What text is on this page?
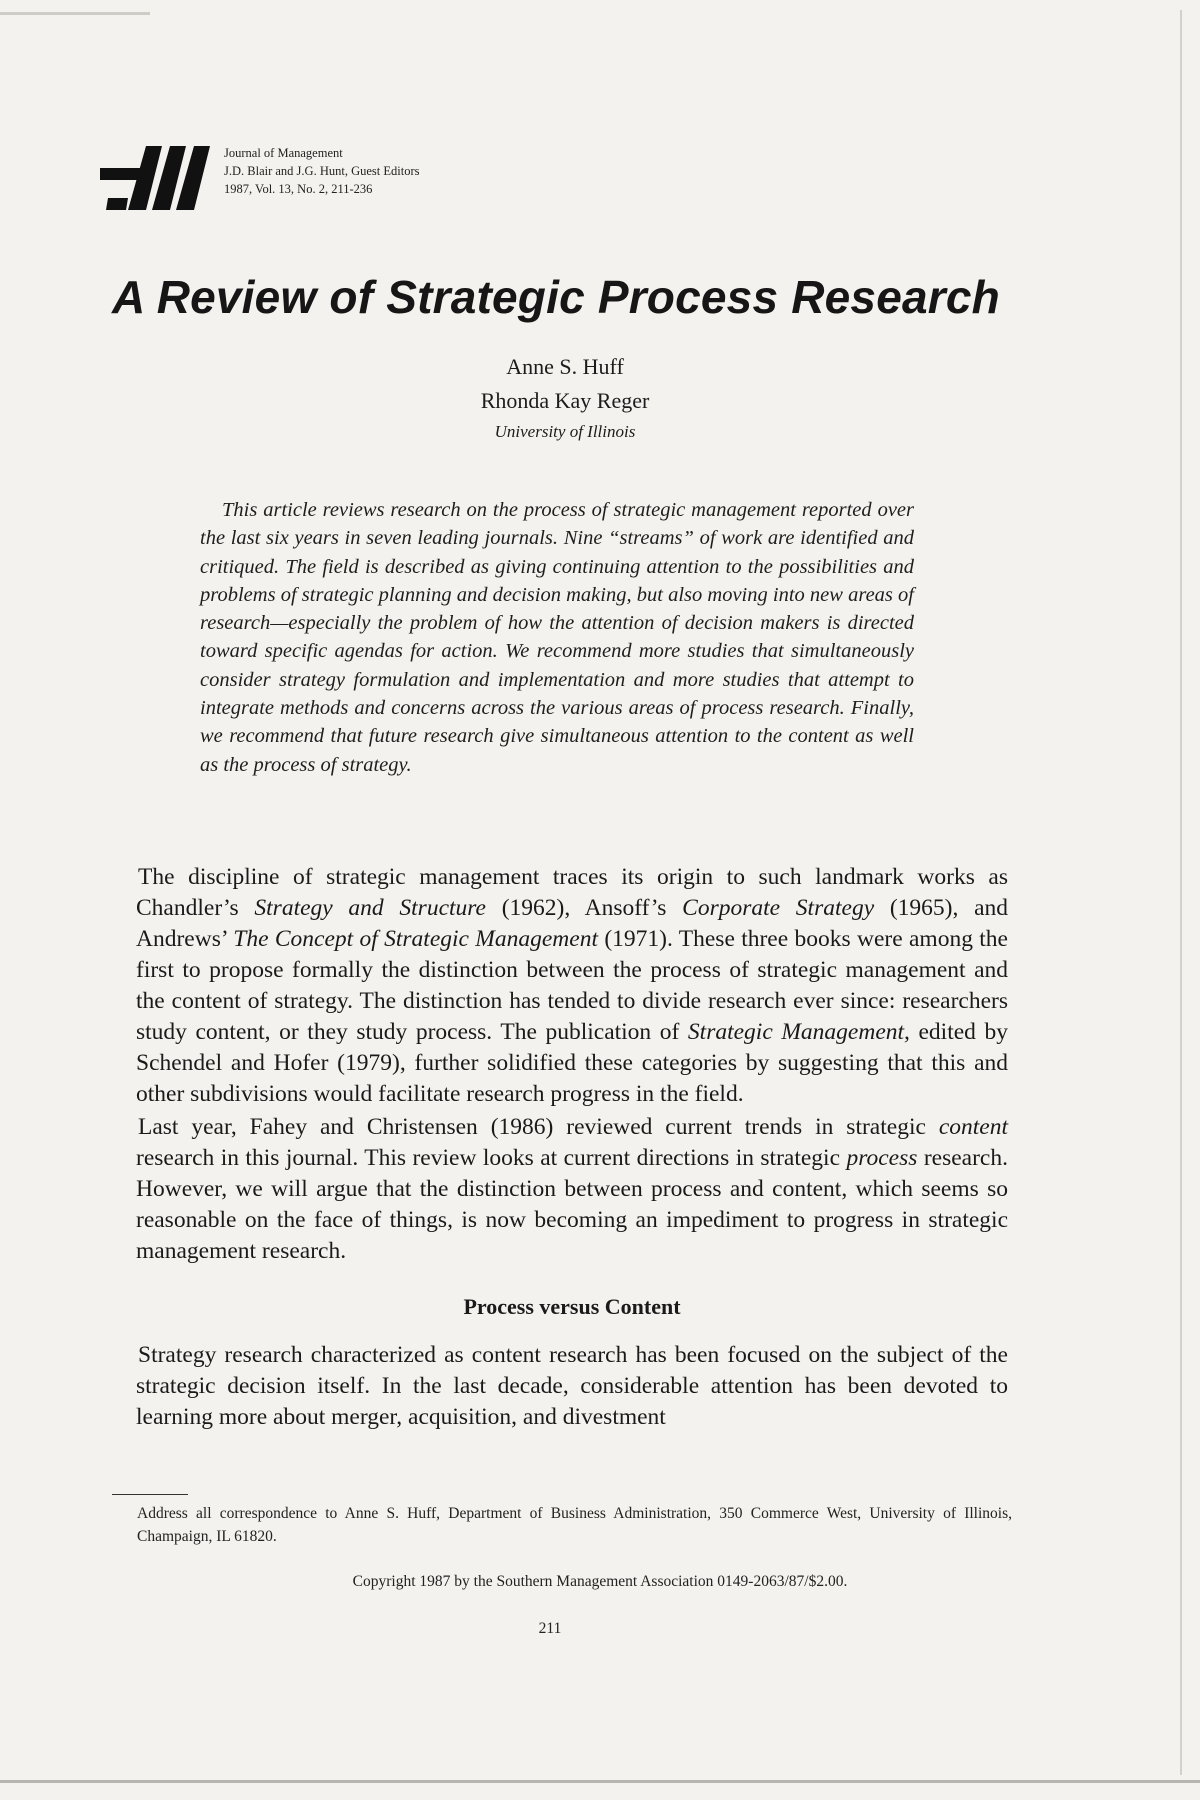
Journal of Management
J.D. Blair and J.G. Hunt, Guest Editors
1987, Vol. 13, No. 2, 211-236
A Review of Strategic Process Research
Anne S. Huff
Rhonda Kay Reger
University of Illinois

This article reviews research on the process of strategic management reported over the last six years in seven leading journals. Nine “streams” of work are identified and critiqued. The field is described as giving continuing attention to the possibilities and problems of strategic planning and decision making, but also moving into new areas of research—especially the problem of how the attention of decision makers is directed toward specific agendas for action. We recommend more studies that simultaneously consider strategy formulation and implementation and more studies that attempt to integrate methods and concerns across the various areas of process research. Finally, we recommend that future research give simultaneous attention to the content as well as the process of strategy.

The discipline of strategic management traces its origin to such landmark works as Chandler’s Strategy and Structure (1962), Ansoff’s Corporate Strategy (1965), and Andrews’ The Concept of Strategic Management (1971). These three books were among the first to propose formally the distinction between the process of strategic management and the content of strategy. The distinction has tended to divide research ever since: researchers study content, or they study process. The publication of Strategic Management, edited by Schendel and Hofer (1979), further solidified these categories by suggesting that this and other subdivisions would facilitate research progress in the field.

Last year, Fahey and Christensen (1986) reviewed current trends in strategic content research in this journal. This review looks at current directions in strategic process research. However, we will argue that the distinction between process and content, which seems so reasonable on the face of things, is now becoming an impediment to progress in strategic management research.

Process versus Content

Strategy research characterized as content research has been focused on the subject of the strategic decision itself. In the last decade, considerable attention has been devoted to learning more about merger, acquisition, and divestment

Address all correspondence to Anne S. Huff, Department of Business Administration, 350 Commerce West, University of Illinois, Champaign, IL 61820.
Copyright 1987 by the Southern Management Association 0149-2063/87/$2.00.
211
